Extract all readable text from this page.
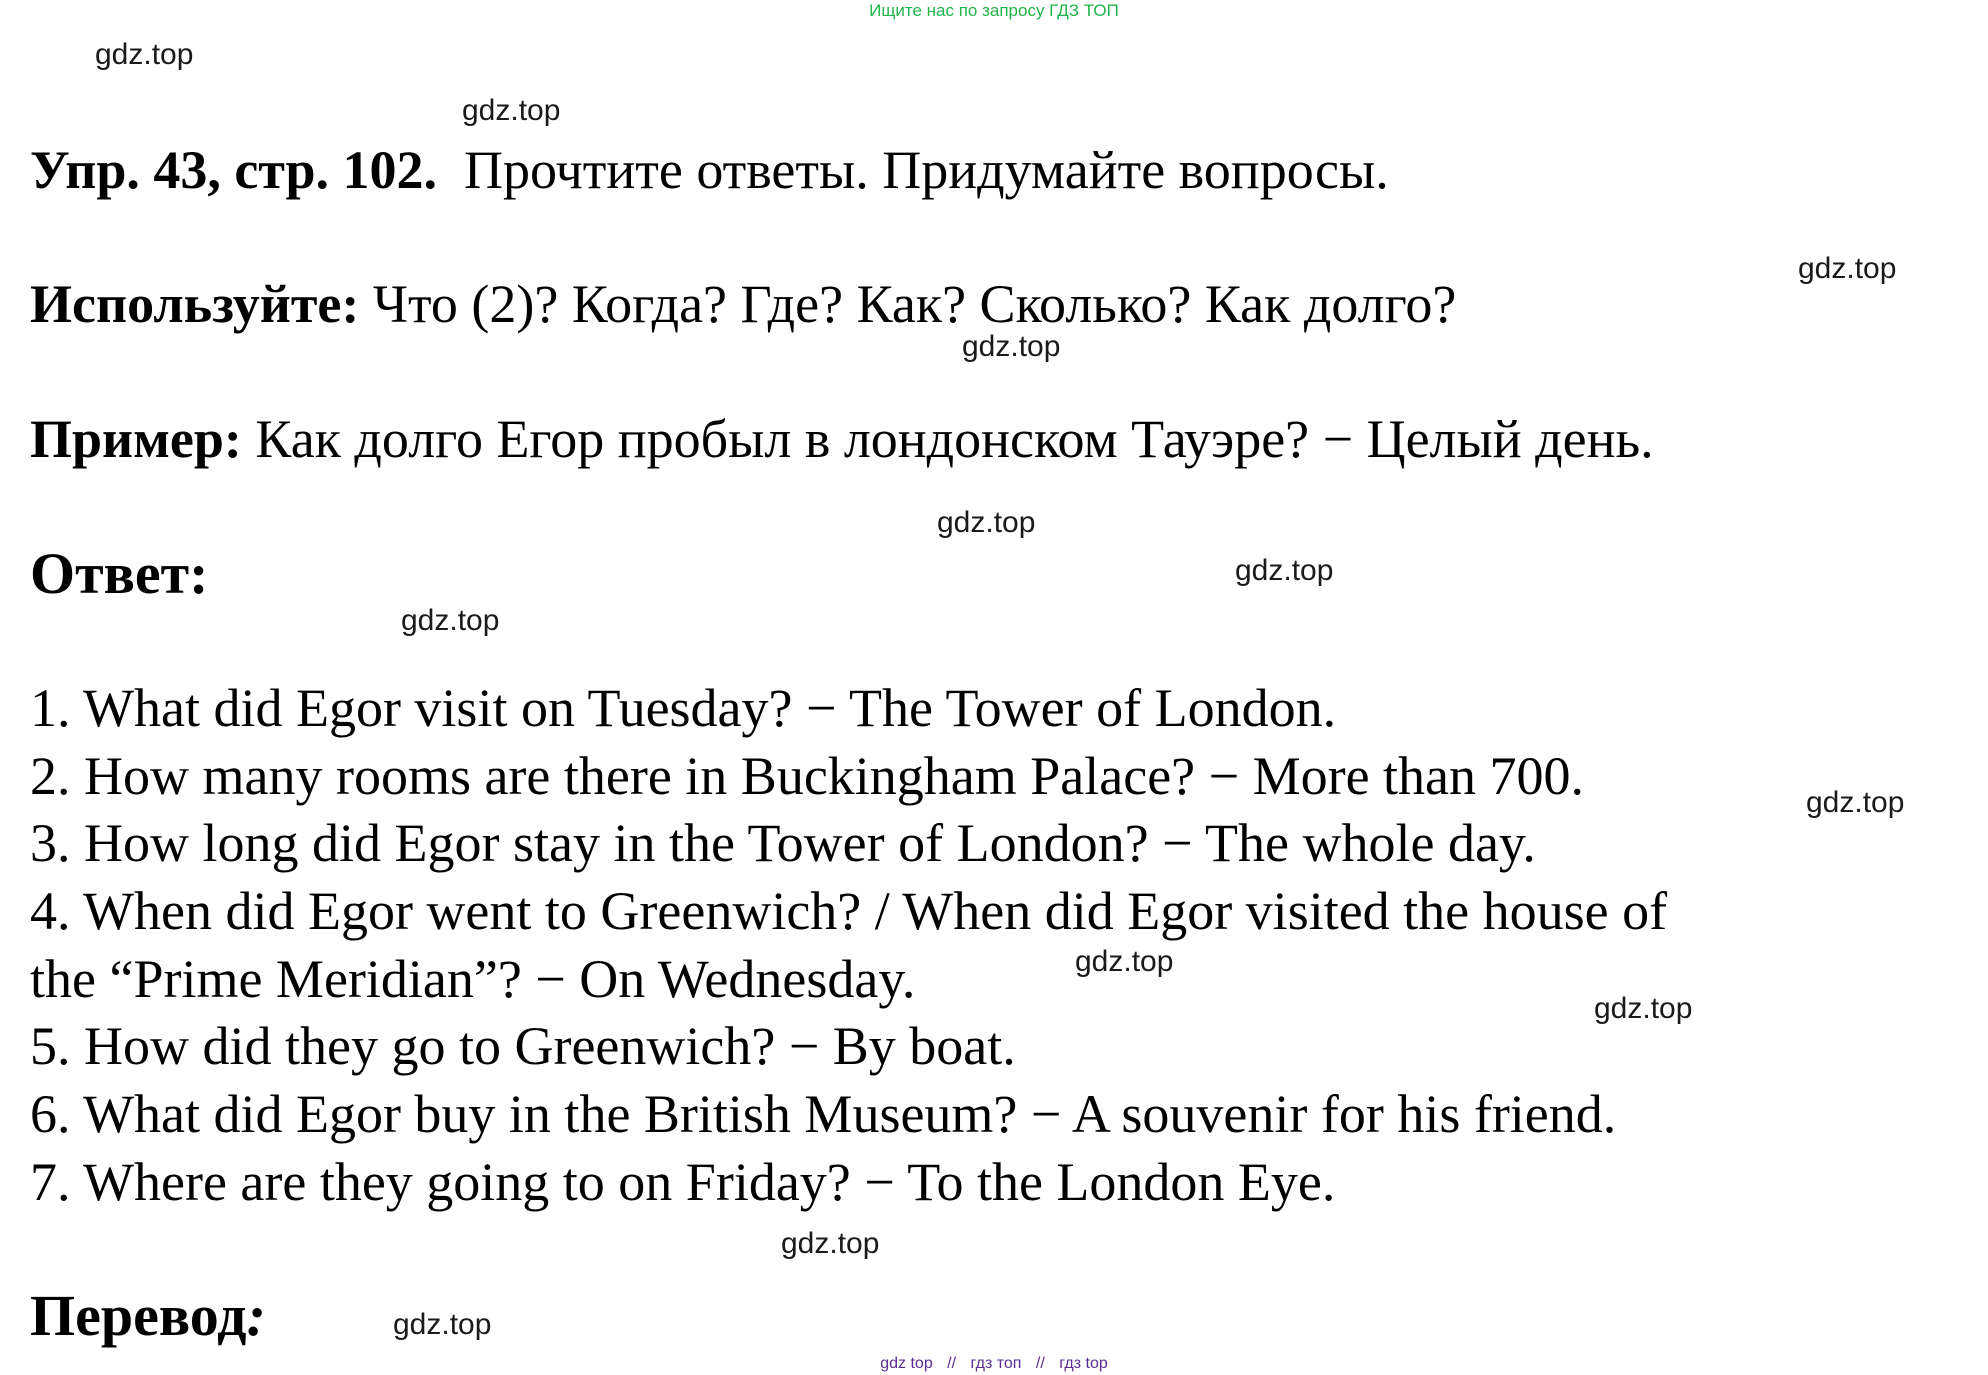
Ищите нас по запросу ГДЗ ТОП
gdz.top
gdz.top
gdz.top
gdz.top
gdz.top
gdz.top
gdz.top
gdz.top
gdz.top
gdz.top
gdz.top
gdz.top
Упр. 43, стр. 102. Прочтите ответы. Придумайте вопросы.
Используйте: Что (2)? Когда? Где? Как? Сколько? Как долго?
Пример: Как долго Егор пробыл в лондонском Тауэре? − Целый день.
Ответ:
1. What did Egor visit on Tuesday? − The Tower of London.
2. How many rooms are there in Buckingham Palace? − More than 700.
3. How long did Egor stay in the Tower of London? − The whole day.
4. When did Egor went to Greenwich? / When did Egor visited the house of
the “Prime Meridian”? − On Wednesday.
5. How did they go to Greenwich? − By boat.
6. What did Egor buy in the British Museum? − A souvenir for his friend.
7. Where are they going to on Friday? − To the London Eye.
Перевод:
gdz top // гдз топ // гдз top
